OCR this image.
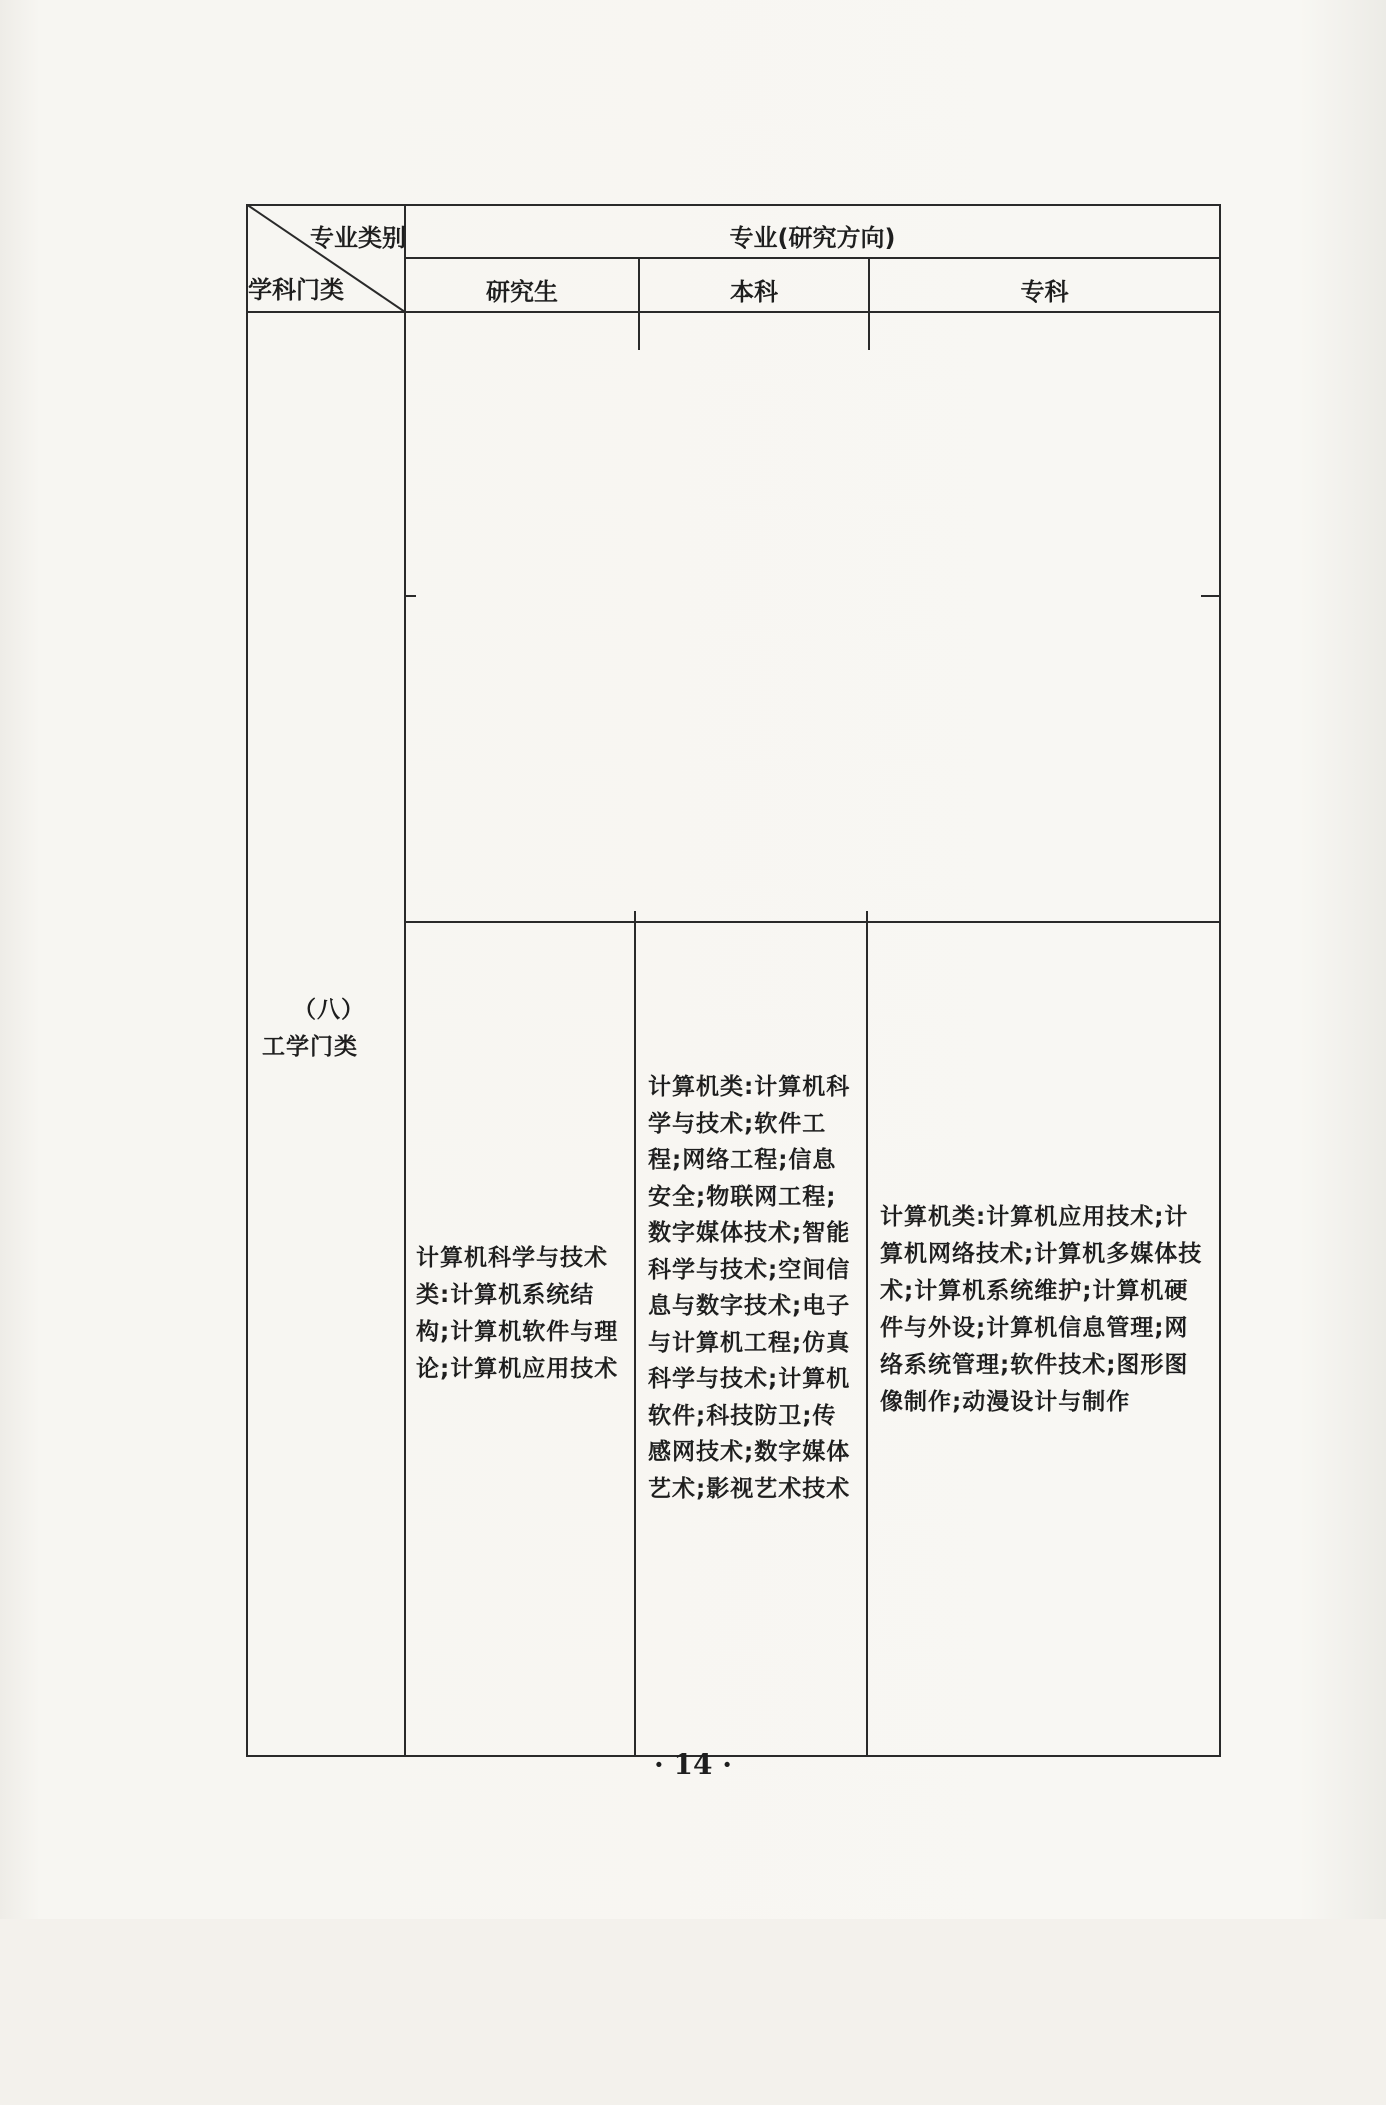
专业类别
学科门类
专业(研究方向)
研究生	本科	专科
（八）
工学门类
计算机科学与技术类:计算机系统结构;计算机软件与理论;计算机应用技术
计算机类:计算机科学与技术;软件工程;网络工程;信息安全;物联网工程;数字媒体技术;智能科学与技术;空间信息与数字技术;电子与计算机工程;仿真科学与技术;计算机软件;科技防卫;传感网技术;数字媒体艺术;影视艺术技术
计算机类:计算机应用技术;计算机网络技术;计算机多媒体技术;计算机系统维护;计算机硬件与外设;计算机信息管理;网络系统管理;软件技术;图形图像制作;动漫设计与制作
· 14 ·
